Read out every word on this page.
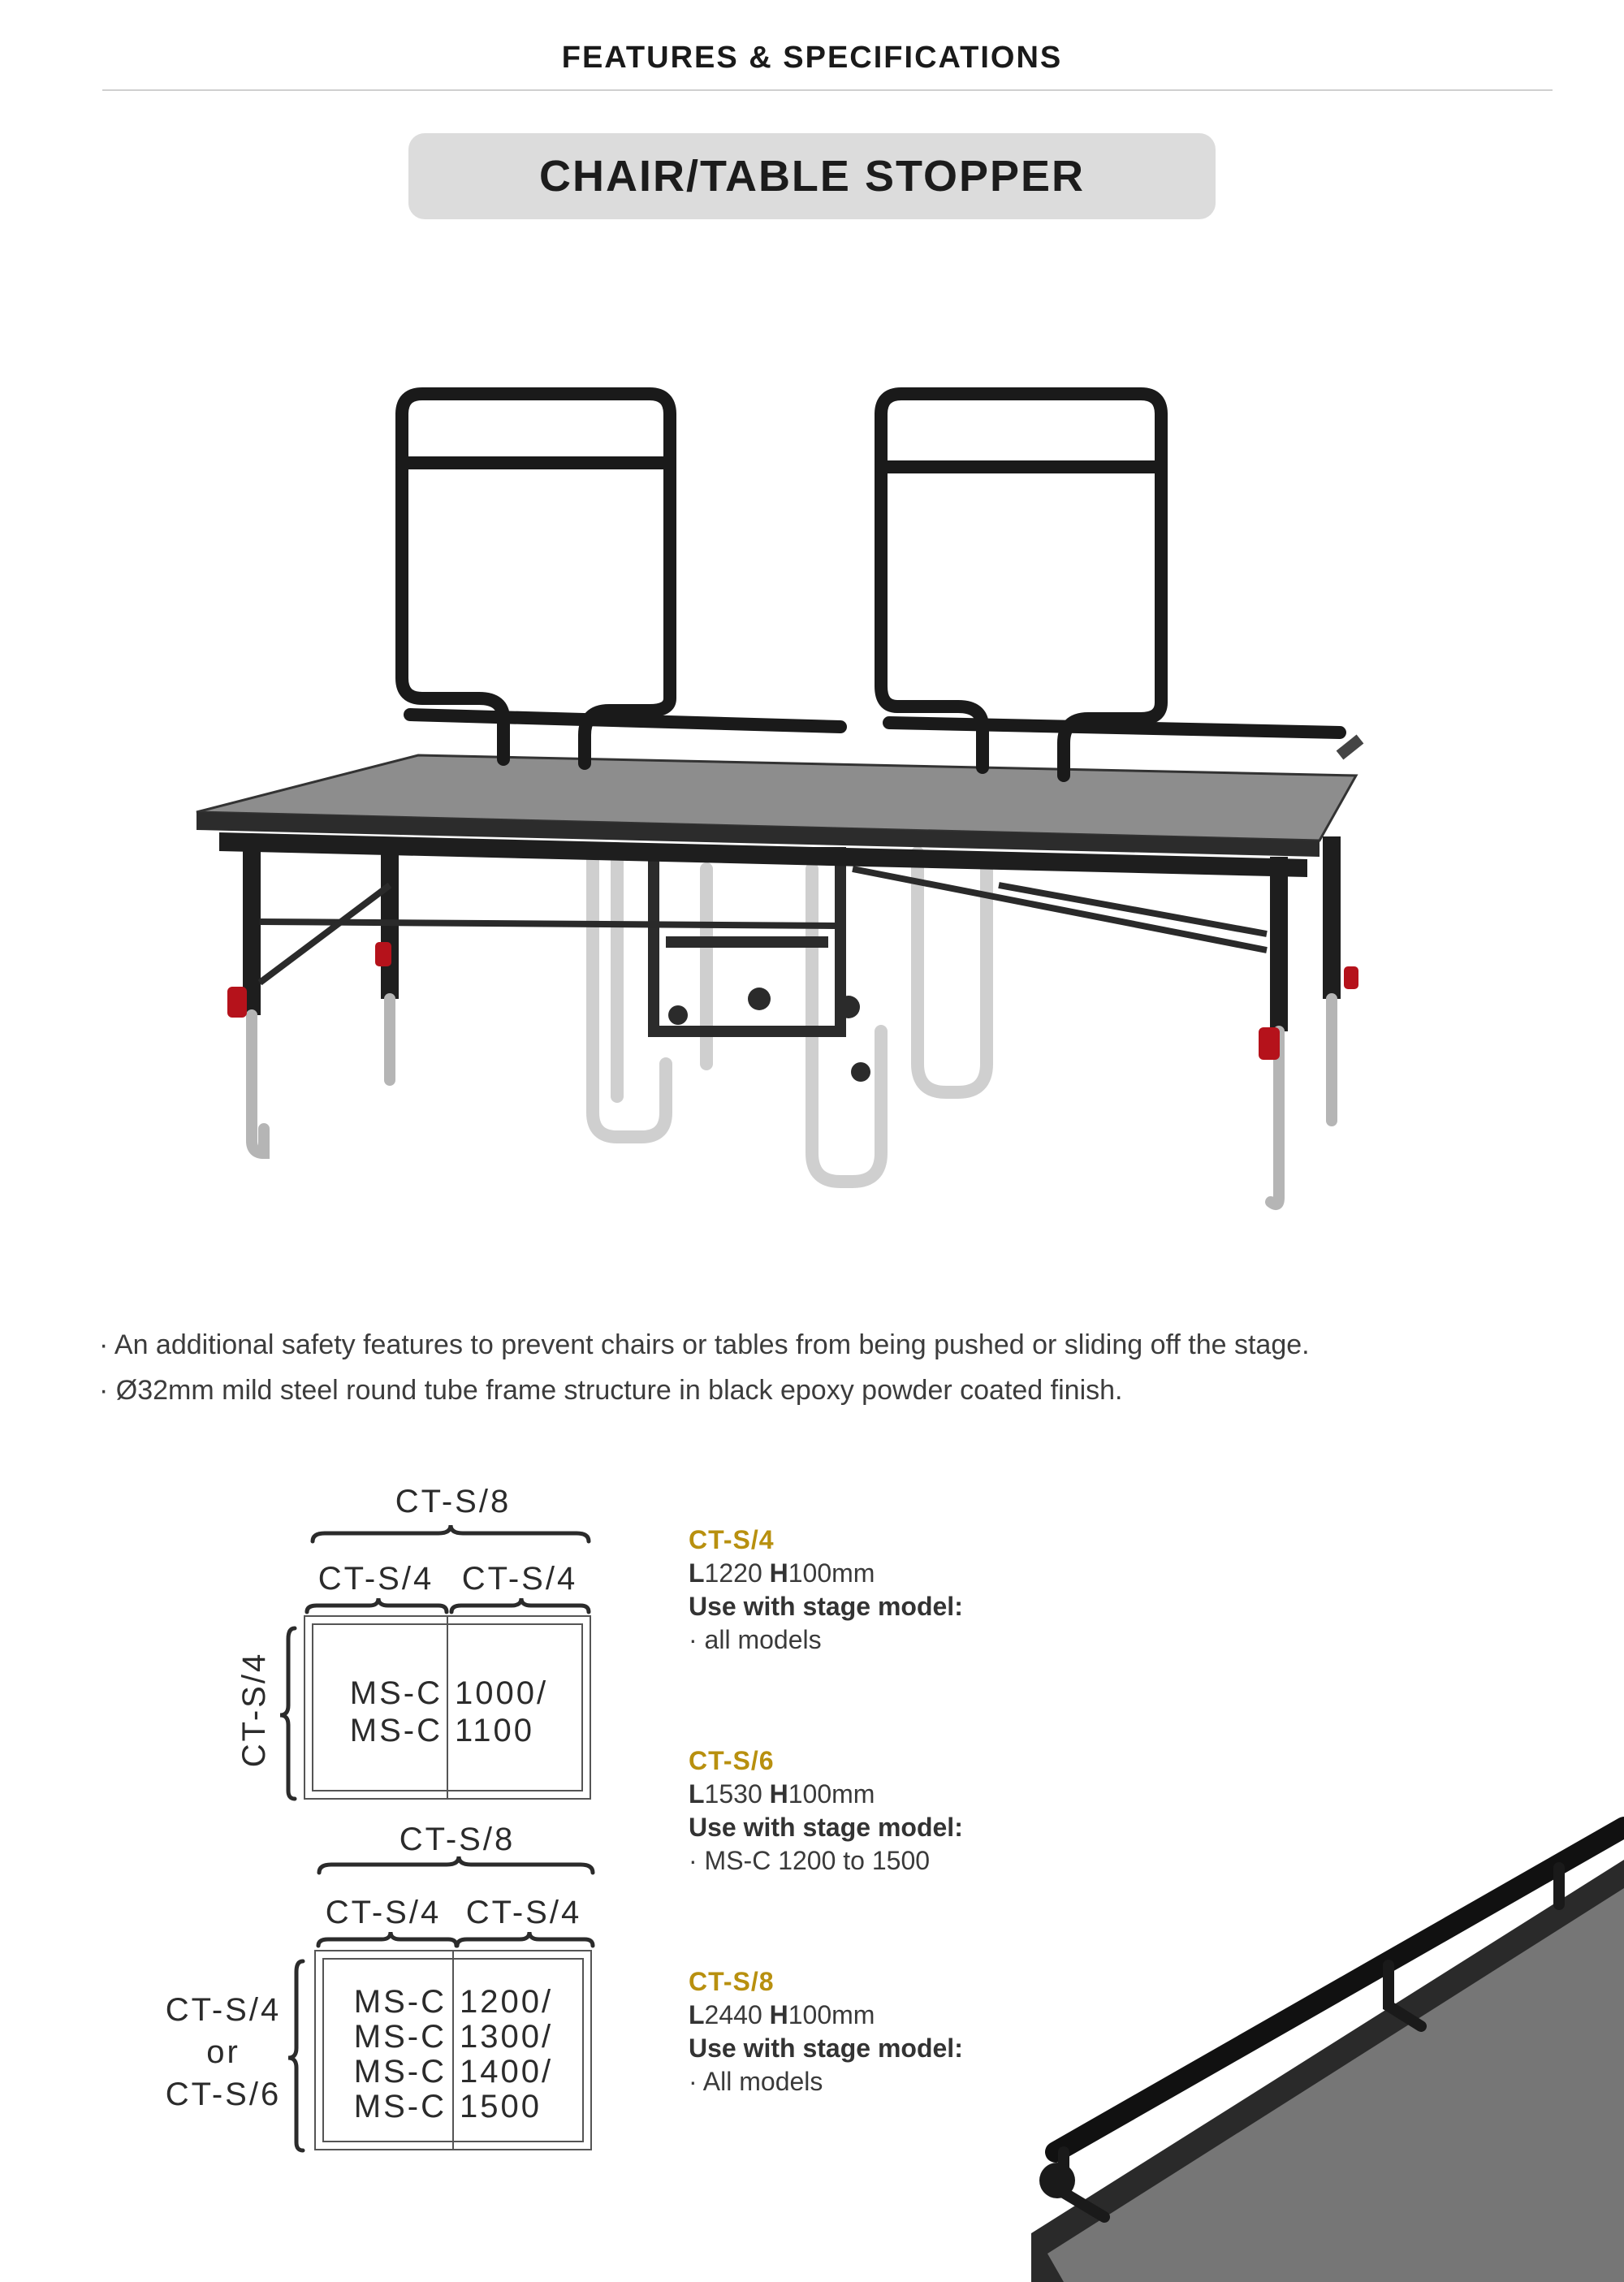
FEATURES & SPECIFICATIONS
CHAIR/TABLE STOPPER
· An additional safety features to prevent chairs or tables from being pushed or sliding off the stage.
· Ø32mm mild steel round tube frame structure in black epoxy powder coated finish.
CT-S/8
CT-S/4 CT-S/4
CT-S/4 MS-C
MS-C
1000/
1100
CT-S/8
CT-S/4 CT-S/4
CT-S/4
or
CT-S/6
MS-C
MS-C
MS-C
MS-C
1200/
1300/
1400/
1500
CT-S/4
L1220 H100mm
Use with stage model:
· all models
CT-S/6
L1530 H100mm
Use with stage model:
· MS-C 1200 to 1500
CT-S/8
L2440 H100mm
Use with stage model:
· All models
